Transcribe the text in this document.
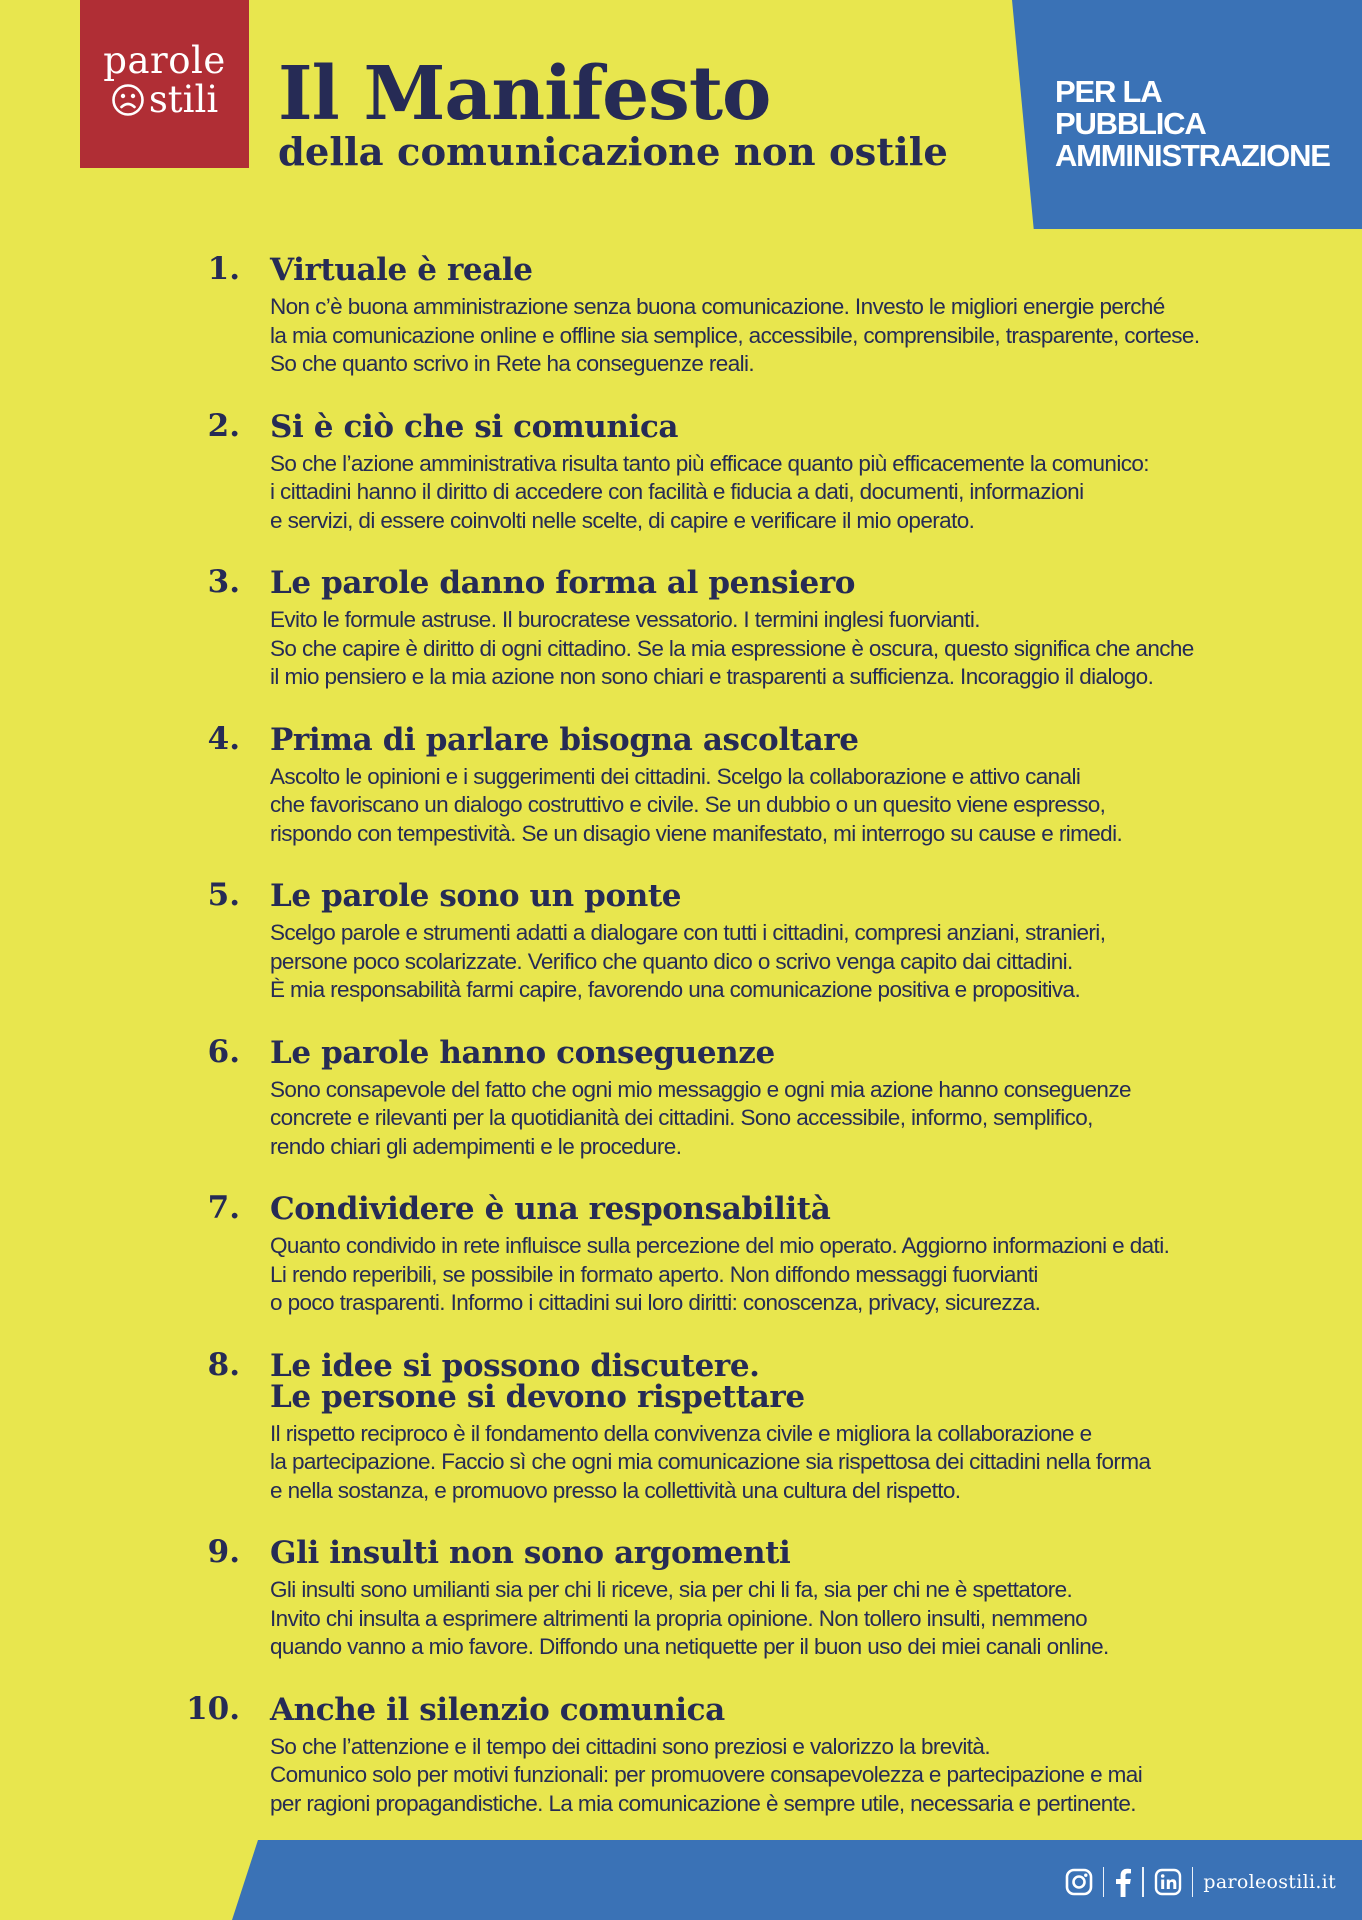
parole
stili Il Manifesto
della comunicazione non ostile
PER LA
PUBBLICA
AMMINISTRAZIONE
1. Virtuale è reale
Non c’è buona amministrazione senza buona comunicazione. Investo le migliori energie perché
la mia comunicazione online e offline sia semplice, accessibile, comprensibile, trasparente, cortese.
So che quanto scrivo in Rete ha conseguenze reali.
2. Si è ciò che si comunica
So che l’azione amministrativa risulta tanto più efficace quanto più efficacemente la comunico:
i cittadini hanno il diritto di accedere con facilità e fiducia a dati, documenti, informazioni
e servizi, di essere coinvolti nelle scelte, di capire e verificare il mio operato.
3. Le parole danno forma al pensiero
Evito le formule astruse. Il burocratese vessatorio. I termini inglesi fuorvianti.
So che capire è diritto di ogni cittadino. Se la mia espressione è oscura, questo significa che anche
il mio pensiero e la mia azione non sono chiari e trasparenti a sufficienza. Incoraggio il dialogo.
4. Prima di parlare bisogna ascoltare
Ascolto le opinioni e i suggerimenti dei cittadini. Scelgo la collaborazione e attivo canali
che favoriscano un dialogo costruttivo e civile. Se un dubbio o un quesito viene espresso,
rispondo con tempestività. Se un disagio viene manifestato, mi interrogo su cause e rimedi.
5. Le parole sono un ponte
Scelgo parole e strumenti adatti a dialogare con tutti i cittadini, compresi anziani, stranieri,
persone poco scolarizzate. Verifico che quanto dico o scrivo venga capito dai cittadini.
È mia responsabilità farmi capire, favorendo una comunicazione positiva e propositiva.
6. Le parole hanno conseguenze
Sono consapevole del fatto che ogni mio messaggio e ogni mia azione hanno conseguenze
concrete e rilevanti per la quotidianità dei cittadini. Sono accessibile, informo, semplifico,
rendo chiari gli adempimenti e le procedure.
7. Condividere è una responsabilità
Quanto condivido in rete influisce sulla percezione del mio operato. Aggiorno informazioni e dati.
Li rendo reperibili, se possibile in formato aperto. Non diffondo messaggi fuorvianti
o poco trasparenti. Informo i cittadini sui loro diritti: conoscenza, privacy, sicurezza.
8. Le idee si possono discutere.
Le persone si devono rispettare
Il rispetto reciproco è il fondamento della convivenza civile e migliora la collaborazione e
la partecipazione. Faccio sì che ogni mia comunicazione sia rispettosa dei cittadini nella forma
e nella sostanza, e promuovo presso la collettività una cultura del rispetto.
9. Gli insulti non sono argomenti
Gli insulti sono umilianti sia per chi li riceve, sia per chi li fa, sia per chi ne è spettatore.
Invito chi insulta a esprimere altrimenti la propria opinione. Non tollero insulti, nemmeno
quando vanno a mio favore. Diffondo una netiquette per il buon uso dei miei canali online.
10. Anche il silenzio comunica
So che l’attenzione e il tempo dei cittadini sono preziosi e valorizzo la brevità.
Comunico solo per motivi funzionali: per promuovere consapevolezza e partecipazione e mai
per ragioni propagandistiche. La mia comunicazione è sempre utile, necessaria e pertinente.
paroleostili.it
